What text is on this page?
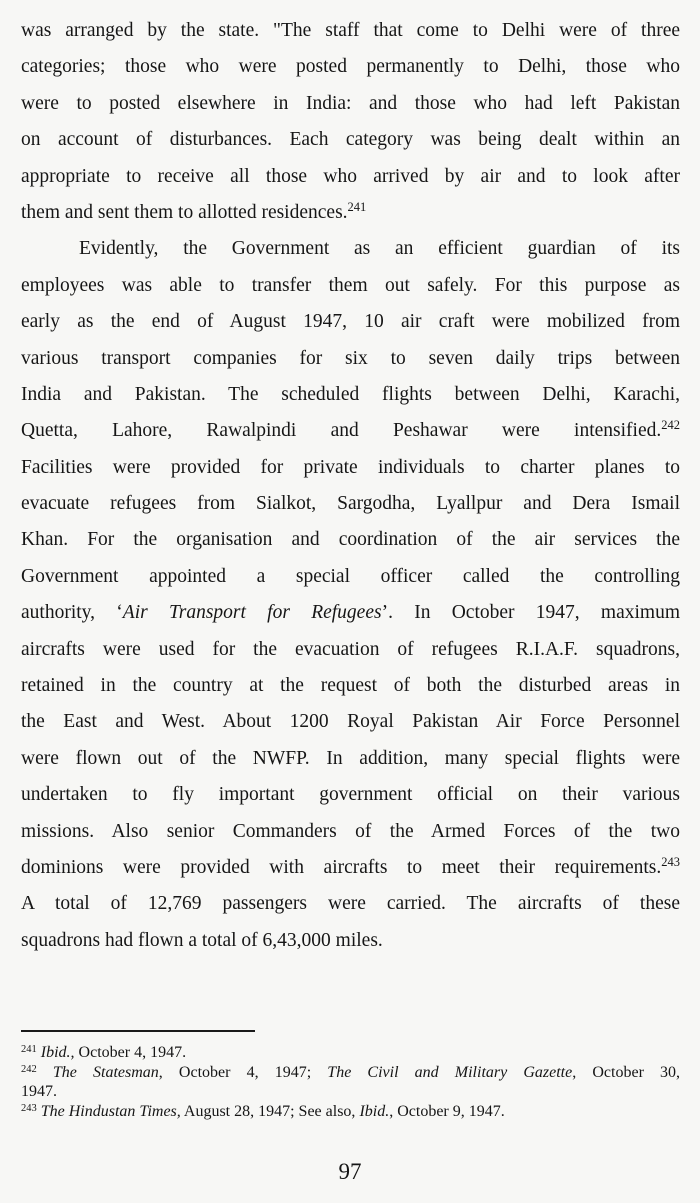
was arranged by the state. "The staff that come to Delhi were of three
categories; those who were posted permanently to Delhi, those who
were to posted elsewhere in India: and those who had left Pakistan
on account of disturbances. Each category was being dealt within an
appropriate to receive all those who arrived by air and to look after
them and sent them to allotted residences.$^{241}$
Evidently, the Government as an efficient guardian of its
employees was able to transfer them out safely. For this purpose as
early as the end of August 1947, 10 air craft were mobilized from
various transport companies for six to seven daily trips between
India and Pakistan. The scheduled flights between Delhi, Karachi,
Quetta, Lahore, Rawalpindi and Peshawar were intensified.$^{242}$
Facilities were provided for private individuals to charter planes to
evacuate refugees from Sialkot, Sargodha, Lyallpur and Dera Ismail
Khan. For the organisation and coordination of the air services the
Government appointed a special officer called the controlling
authority, ‘Air Transport for Refugees’. In October 1947, maximum
aircrafts were used for the evacuation of refugees R.I.A.F. squadrons,
retained in the country at the request of both the disturbed areas in
the East and West. About 1200 Royal Pakistan Air Force Personnel
were flown out of the NWFP. In addition, many special flights were
undertaken to fly important government official on their various
missions. Also senior Commanders of the Armed Forces of the two
dominions were provided with aircrafts to meet their requirements.$^{243}$
A total of 12,769 passengers were carried. The aircrafts of these
squadrons had flown a total of 6,43,000 miles.
$^{241}$ Ibid., October 4, 1947.
$^{242}$ The Statesman, October 4, 1947; The Civil and Military Gazette, October 30,
1947.
$^{243}$ The Hindustan Times, August 28, 1947; See also, Ibid., October 9, 1947.
97
